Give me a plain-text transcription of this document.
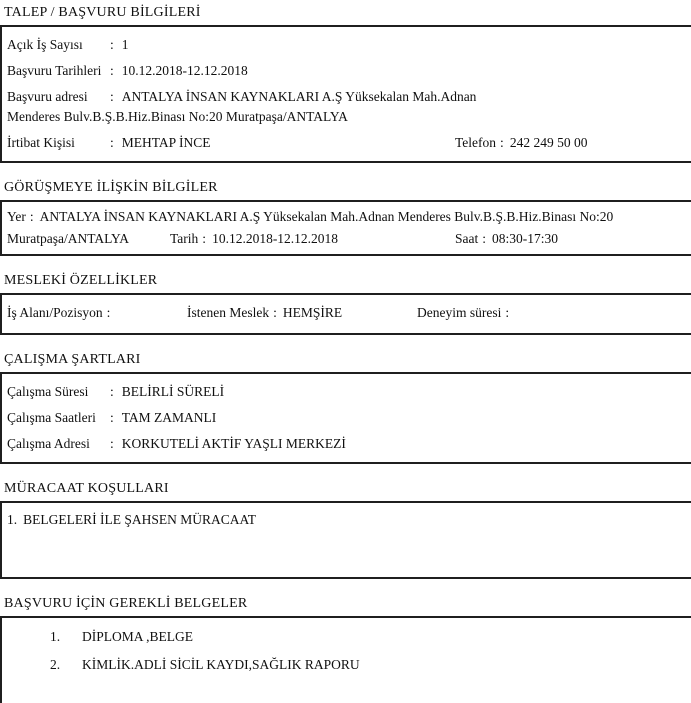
TALEP / BAŞVURU BİLGİLERİ

Açık İş Sayısı : 1

Başvuru Tarihleri : 10.12.2018-12.12.2018

Başvuru adresi : ANTALYA İNSAN KAYNAKLARI A.Ş Yüksekalan Mah.Adnan Menderes Bulv.B.Ş.B.Hiz.Binası No:20 Muratpaşa/ANTALYA

İrtibat Kişisi	: MEHTAP İNCE	Telefon : 242 249 50 00

GÖRÜŞMEYE İLİŞKİN BİLGİLER

Yer : ANTALYA İNSAN KAYNAKLARI A.Ş Yüksekalan Mah.Adnan Menderes Bulv.B.Ş.B.Hiz.Binası No:20 Muratpaşa/ANTALYA	Tarih : 10.12.2018-12.12.2018	Saat : 08:30-17:30
MESLEKİ ÖZELLİKLER

İş Alanı/Pozisyon :	İstenen Meslek : HEMŞİRE	Deneyim süresi :

ÇALIŞMA ŞARTLARI

Çalışma Süresi : BELİRLİ SÜRELİ

Çalışma Saatleri : TAM ZAMANLI

Çalışma Adresi : KORKUTELİ AKTİF YAŞLI MERKEZİ

MÜRACAAT KOŞULLARI

1. BELGELERİ İLE ŞAHSEN MÜRACAAT

BAŞVURU İÇİN GEREKLİ BELGELER

1. DİPLOMA ,BELGE

2. KİMLİK.ADLİ SİCİL KAYDI,SAĞLIK RAPORU
